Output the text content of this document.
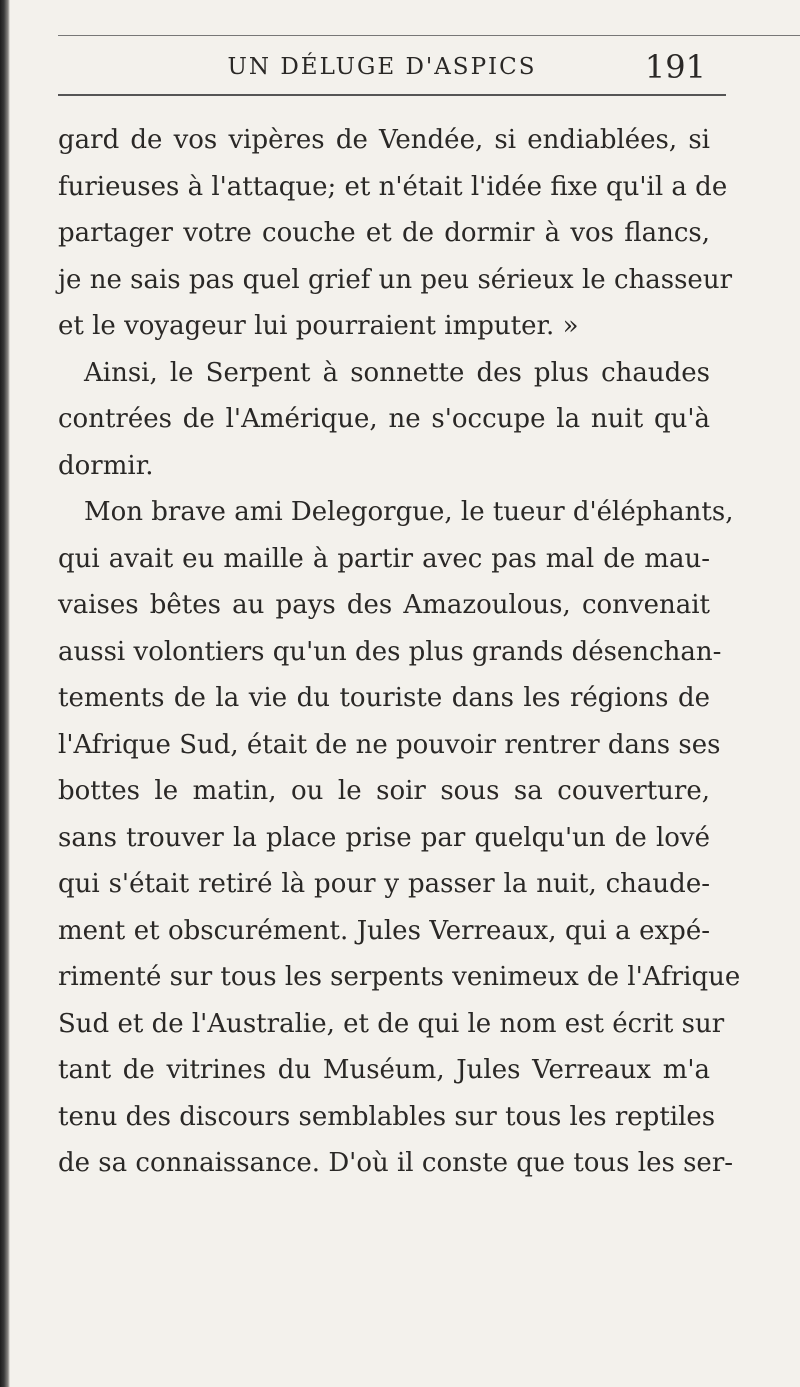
UN DÉLUGE D'ASPICS	191
gard de vos vipères de Vendée, si endiablées, si
furieuses à l'attaque; et n'était l'idée fixe qu'il a de
partager votre couche et de dormir à vos flancs,
je ne sais pas quel grief un peu sérieux le chasseur
et le voyageur lui pourraient imputer. »
Ainsi, le Serpent à sonnette des plus chaudes
contrées de l'Amérique, ne s'occupe la nuit qu'à
dormir.
Mon brave ami Delegorgue, le tueur d'éléphants,
qui avait eu maille à partir avec pas mal de mau-
vaises bêtes au pays des Amazoulous, convenait
aussi volontiers qu'un des plus grands désenchan-
tements de la vie du touriste dans les régions de
l'Afrique Sud, était de ne pouvoir rentrer dans ses
bottes le matin, ou le soir sous sa couverture,
sans trouver la place prise par quelqu'un de lové
qui s'était retiré là pour y passer la nuit, chaude-
ment et obscurément. Jules Verreaux, qui a expé-
rimenté sur tous les serpents venimeux de l'Afrique
Sud et de l'Australie, et de qui le nom est écrit sur
tant de vitrines du Muséum, Jules Verreaux m'a
tenu des discours semblables sur tous les reptiles
de sa connaissance. D'où il conste que tous les ser-
